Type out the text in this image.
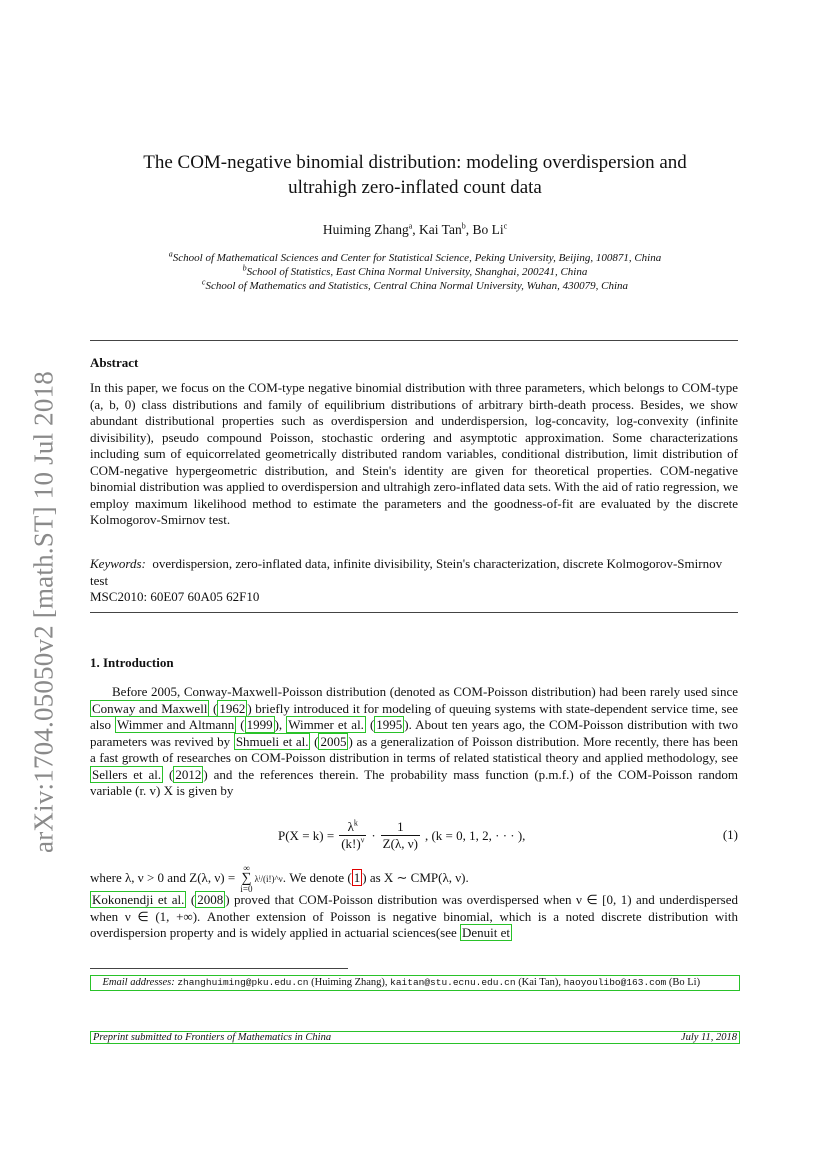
arXiv:1704.05050v2 [math.ST] 10 Jul 2018
The COM-negative binomial distribution: modeling overdispersion and
ultrahigh zero-inflated count data
Huiming Zhang$^a$, Kai Tan$^b$, Bo Li$^c$
$^a$School of Mathematical Sciences and Center for Statistical Science, Peking University, Beijing, 100871, China
$^b$School of Statistics, East China Normal University, Shanghai, 200241, China
$^c$School of Mathematics and Statistics, Central China Normal University, Wuhan, 430079, China
Abstract
In this paper, we focus on the COM-type negative binomial distribution with three parameters, which belongs to COM-type (a, b, 0) class distributions and family of equilibrium distributions of arbitrary birth-death process. Besides, we show abundant distributional properties such as overdispersion and underdispersion, log-concavity, log-convexity (infinite divisibility), pseudo compound Poisson, stochastic ordering and asymptotic approximation. Some characterizations including sum of equicorrelated geometrically distributed random variables, conditional distribution, limit distribution of COM-negative hypergeometric distribution, and Stein's identity are given for theoretical properties. COM-negative binomial distribution was applied to overdispersion and ultrahigh zero-inflated data sets. With the aid of ratio regression, we employ maximum likelihood method to estimate the parameters and the goodness-of-fit are evaluated by the discrete Kolmogorov-Smirnov test.
Keywords: overdispersion, zero-inflated data, infinite divisibility, Stein's characterization, discrete Kolmogorov-Smirnov test
MSC2010: 60E07 60A05 62F10
1. Introduction
Before 2005, Conway-Maxwell-Poisson distribution (denoted as COM-Poisson distribution) had been rarely used since Conway and Maxwell ( 1962 ) briefly introduced it for modeling of queuing systems with state-dependent service time, see also Wimmer and Altmann ( 1999 ), Wimmer et al. ( 1995 ). About ten years ago, the COM-Poisson distribution with two parameters was revived by Shmueli et al. ( 2005 ) as a generalization of Poisson distribution. More recently, there has been a fast growth of researches on COM-Poisson distribution in terms of related statistical theory and applied methodology, see Sellers et al. ( 2012 ) and the references therein. The probability mass function (p.m.f.) of the COM-Poisson random variable (r. v) X is given by
$P(X = k) = \frac{\lambda^k}{(k!)^\nu} \cdot \frac{1}{Z(\lambda, \nu)}$ , (k = 0, 1, 2, · · · ),	(1)
where λ, ν > 0 and Z(λ, ν) =
∞
∑
i=0
λⁱ/(i!)^ν. We denote ( 1 ) as X ∼ CMP(λ, ν).
Kokonendji et al. ( 2008 ) proved that COM-Poisson distribution was overdispersed when ν ∈ [0, 1) and underdispersed when ν ∈ (1, +∞). Another extension of Poisson is negative binomial, which is a noted discrete distribution with overdispersion property and is widely applied in actuarial sciences(see Denuit et
Email addresses: zhanghuiming@pku.edu.cn (Huiming Zhang), kaitan@stu.ecnu.edu.cn (Kai Tan), haoyoulibo@163.com (Bo Li)
Preprint submitted to Frontiers of Mathematics in China	July 11, 2018
